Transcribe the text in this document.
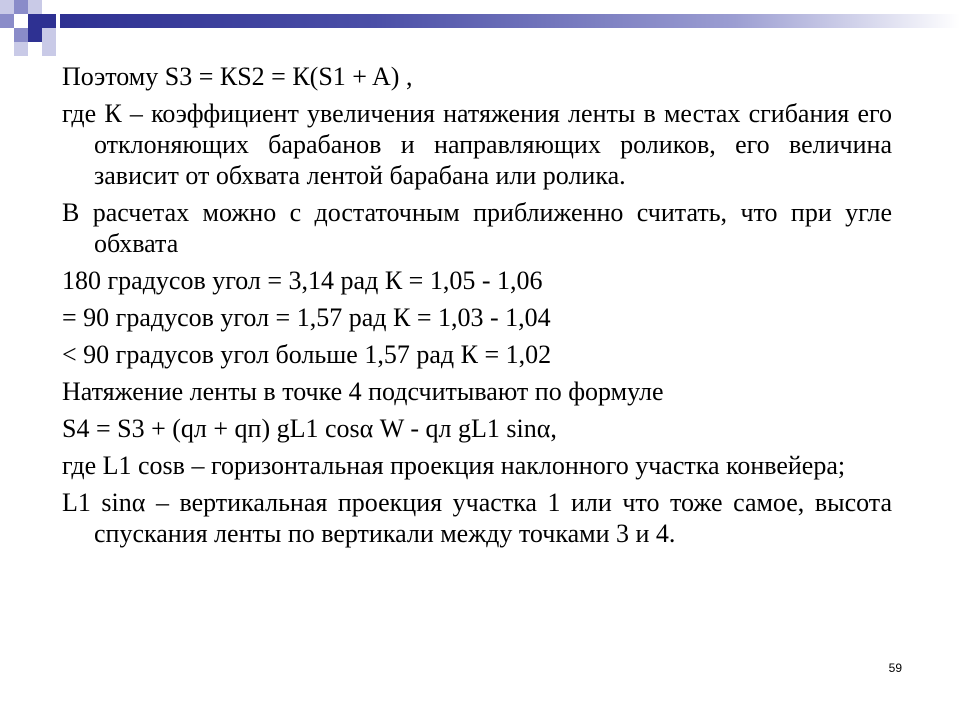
Поэтому S3 = КS2 = К(S1 + A) ,

где К – коэффициент увеличения натяжения ленты в местах сгибания его отклоняющих барабанов и направляющих роликов, его величина зависит от обхвата лентой барабана или ролика.

В расчетах можно с достаточным приближенно считать, что при угле обхвата

180 градусов угол = 3,14 рад К = 1,05 - 1,06

= 90 градусов угол = 1,57 рад К = 1,03 - 1,04

< 90 градусов угол больше 1,57 рад К = 1,02

Натяжение ленты в точке 4 подсчитывают по формуле

S4 = S3 + (qл + qп) gL1 cosα W - qл gL1 sinα,

где L1 cosв – горизонтальная проекция наклонного участка конвейера;

L1 sinα – вертикальная проекция участка 1 или что тоже самое, высота спускания ленты по вертикали между точками 3 и 4.

59
